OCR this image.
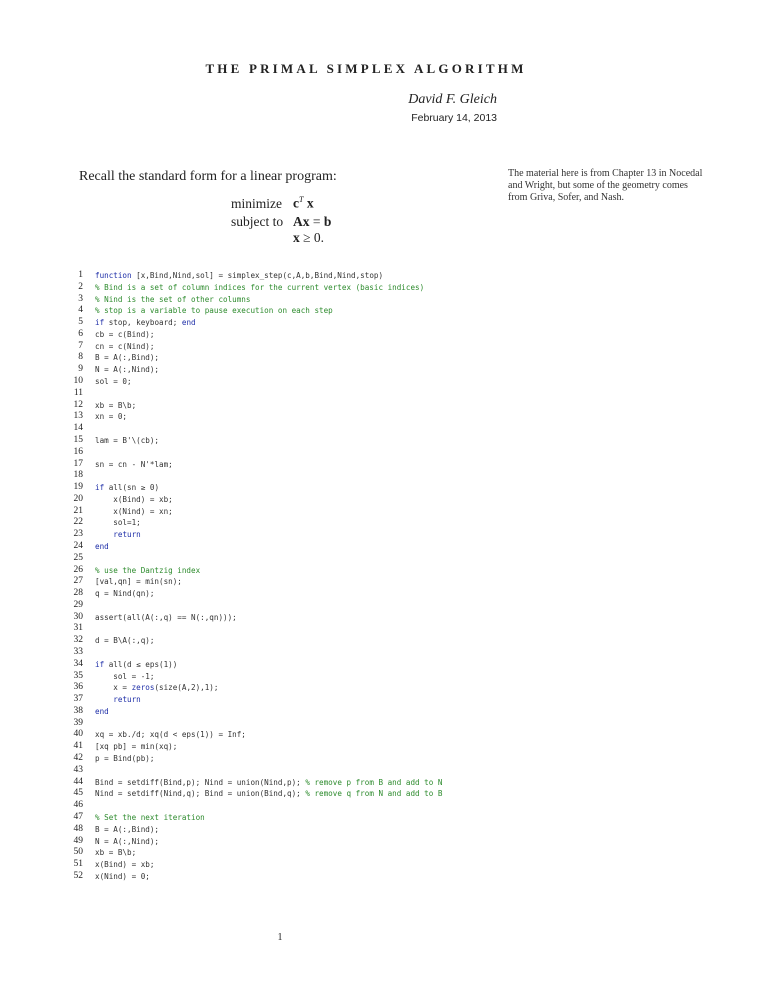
THE PRIMAL SIMPLEX ALGORITHM
David F. Gleich
February 14, 2013
Recall the standard form for a linear program:	The material here is from Chapter 13 in Nocedal and Wright, but some of the geometry comes from Griva, Sofer, and Nash.
minimize $c^T$ x
subject to Ax = b
x ≥ 0.
1 function [x,Bind,Nind,sol] = simplex_step(c,A,b,Bind,Nind,stop)
2 % Bind is a set of column indices for the current vertex (basic indices)
3 % Nind is the set of other columns
4 % stop is a variable to pause execution on each step
5 if stop, keyboard; end
6 cb = c(Bind);
7 cn = c(Nind);
8 B = A(:,Bind);
9 N = A(:,Nind);
10 sol = 0;
11
12 xb = B\b;
13 xn = 0;
14
15 lam = B'\(cb);
16
17 sn = cn - N'*lam;
18
19 if all(sn ≥ 0)
20 x(Bind) = xb;
21 x(Nind) = xn;
22 sol=1;
23	return
24 end
25
26 % use the Dantzig index
27 [val,qn] = min(sn);
28 q = Nind(qn);
29
30 assert(all(A(:,q) == N(:,qn)));
31
32 d = B\A(:,q);
33
34 if all(d ≤ eps(1))
35 sol = -1;
36 x = zeros(size(A,2),1);
37	return
38 end
39
40 xq = xb./d; xq(d < eps(1)) = Inf;
41 [xq pb] = min(xq);
42 p = Bind(pb);
43
44 Bind = setdiff(Bind,p); Nind = union(Nind,p); % remove p from B and add to N
45 Nind = setdiff(Nind,q); Bind = union(Bind,q); % remove q from N and add to B
46
47 % Set the next iteration
48 B = A(:,Bind);
49 N = A(:,Nind);
50 xb = B\b;
51 x(Bind) = xb;
52 x(Nind) = 0;
1
